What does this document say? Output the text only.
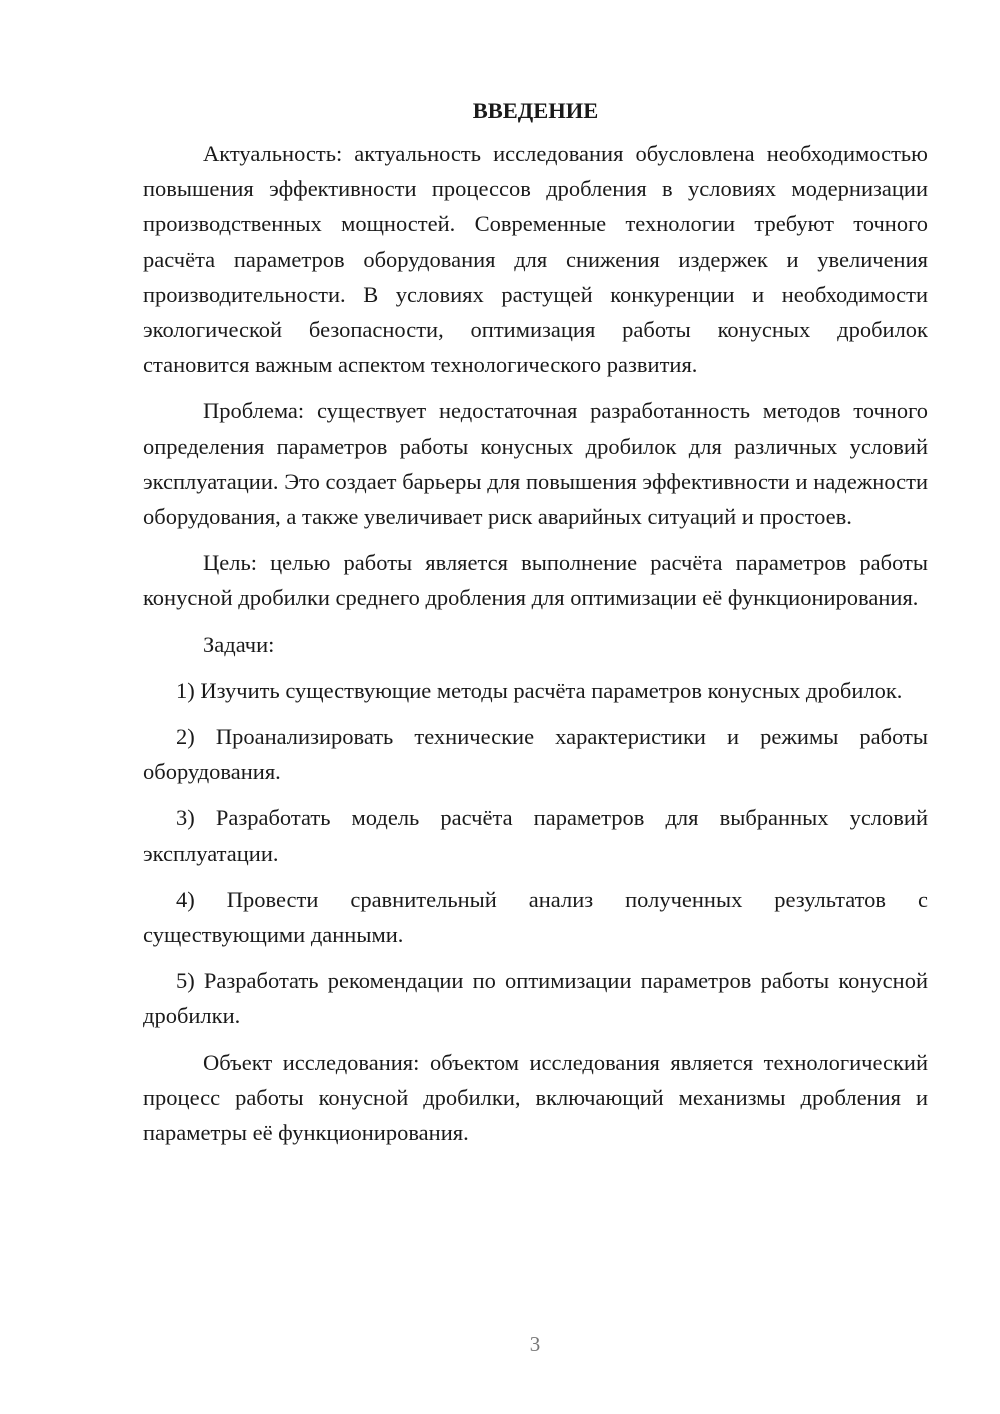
ВВЕДЕНИЕ

Актуальность: актуальность исследования обусловлена необходимостью повышения эффективности процессов дробления в условиях модернизации производственных мощностей. Современные технологии требуют точного расчёта параметров оборудования для снижения издержек и увеличения производительности. В условиях растущей конкуренции и необходимости экологической безопасности, оптимизация работы конусных дробилок становится важным аспектом технологического развития.

Проблема: существует недостаточная разработанность методов точного определения параметров работы конусных дробилок для различных условий эксплуатации. Это создает барьеры для повышения эффективности и надежности оборудования, а также увеличивает риск аварийных ситуаций и простоев.

Цель: целью работы является выполнение расчёта параметров работы конусной дробилки среднего дробления для оптимизации её функционирования.

Задачи:

1) Изучить существующие методы расчёта параметров конусных дробилок.

2) Проанализировать технические характеристики и режимы работы оборудования.

3) Разработать модель расчёта параметров для выбранных условий эксплуатации.

4) Провести сравнительный анализ полученных результатов с существующими данными.

5) Разработать рекомендации по оптимизации параметров работы конусной дробилки.

Объект исследования: объектом исследования является технологический процесс работы конусной дробилки, включающий механизмы дробления и параметры её функционирования.

3
